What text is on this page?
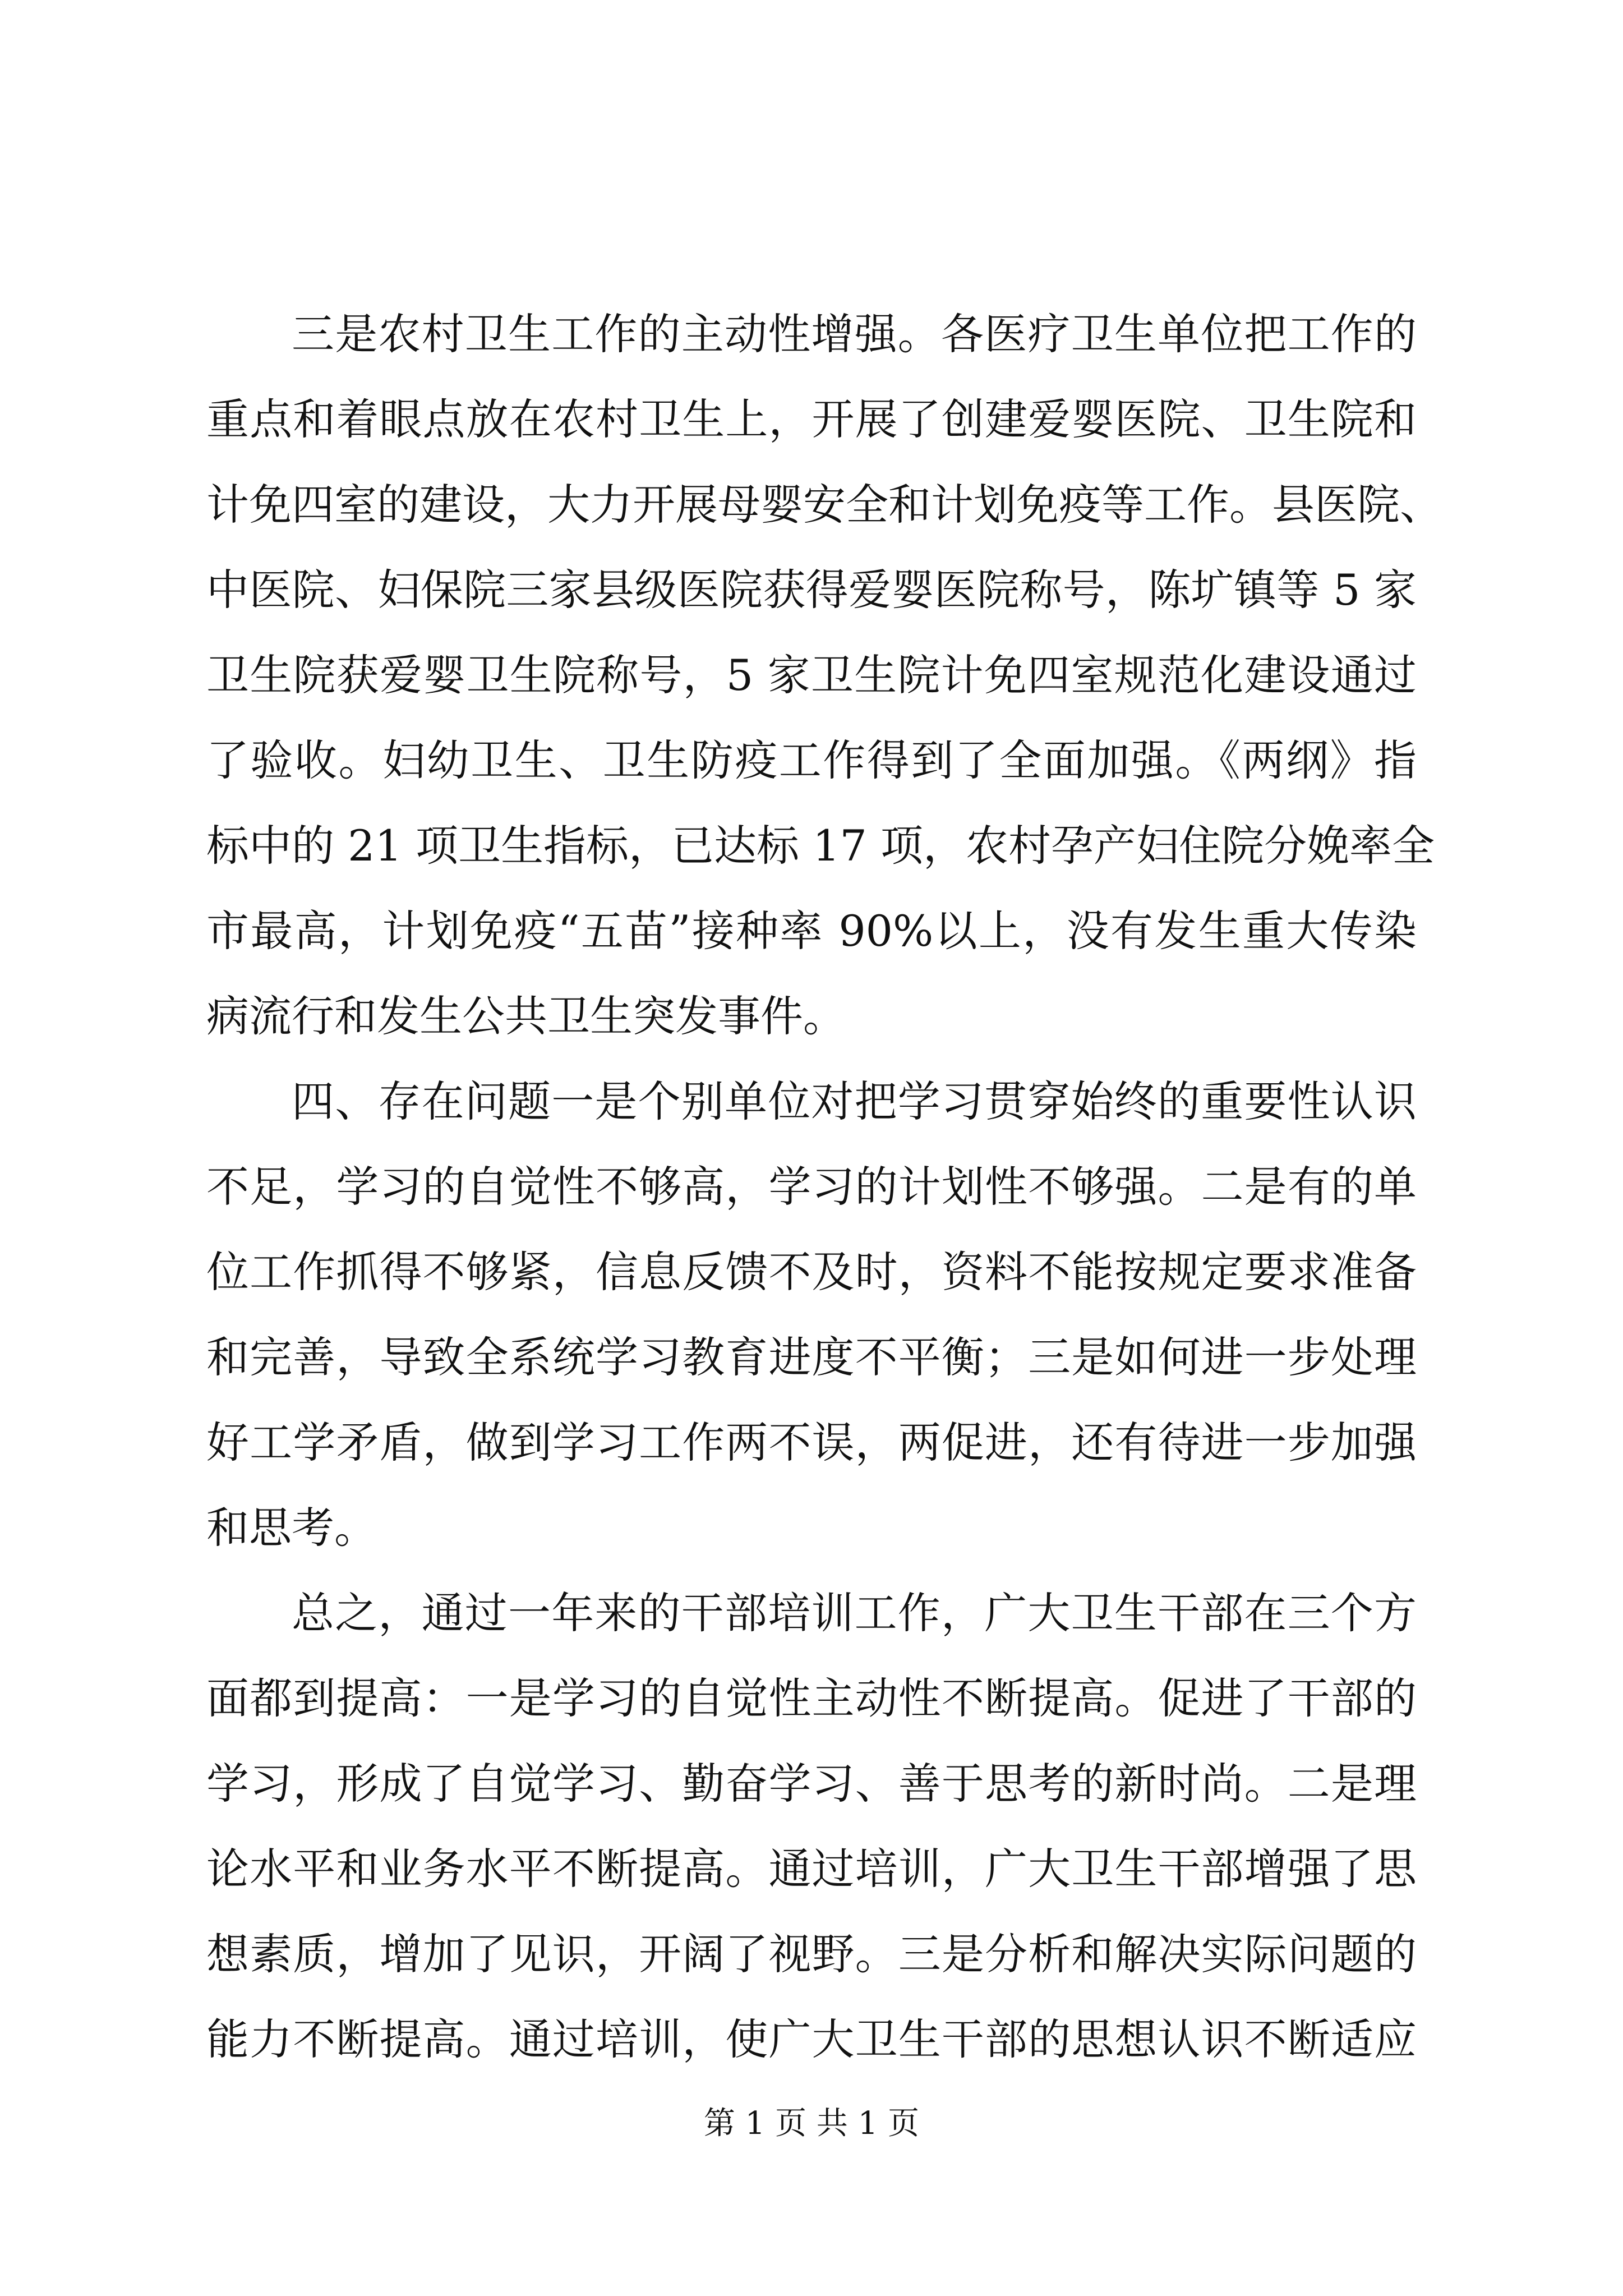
三是农村卫生工作的主动性增强。各医疗卫生单位把工作的
重点和着眼点放在农村卫生上，开展了创建爱婴医院、卫生院和
计免四室的建设，大力开展母婴安全和计划免疫等工作。县医院、
中医院、妇保院三家县级医院获得爱婴医院称号，陈圹镇等 5 家
卫生院获爱婴卫生院称号，5 家卫生院计免四室规范化建设通过
了验收。妇幼卫生、卫生防疫工作得到了全面加强。《两纲》指
标中的 21 项卫生指标，已达标 17 项，农村孕产妇住院分娩率全
市最高，计划免疫“五苗”接种率 90%以上，没有发生重大传染
病流行和发生公共卫生突发事件。
四、存在问题一是个别单位对把学习贯穿始终的重要性认识
不足，学习的自觉性不够高，学习的计划性不够强。二是有的单
位工作抓得不够紧，信息反馈不及时，资料不能按规定要求准备
和完善，导致全系统学习教育进度不平衡；三是如何进一步处理
好工学矛盾，做到学习工作两不误，两促进，还有待进一步加强
和思考。
总之，通过一年来的干部培训工作，广大卫生干部在三个方
面都到提高：一是学习的自觉性主动性不断提高。促进了干部的
学习，形成了自觉学习、勤奋学习、善于思考的新时尚。二是理
论水平和业务水平不断提高。通过培训，广大卫生干部增强了思
想素质，增加了见识，开阔了视野。三是分析和解决实际问题的
能力不断提高。通过培训，使广大卫生干部的思想认识不断适应
第 1 页 共 1 页
